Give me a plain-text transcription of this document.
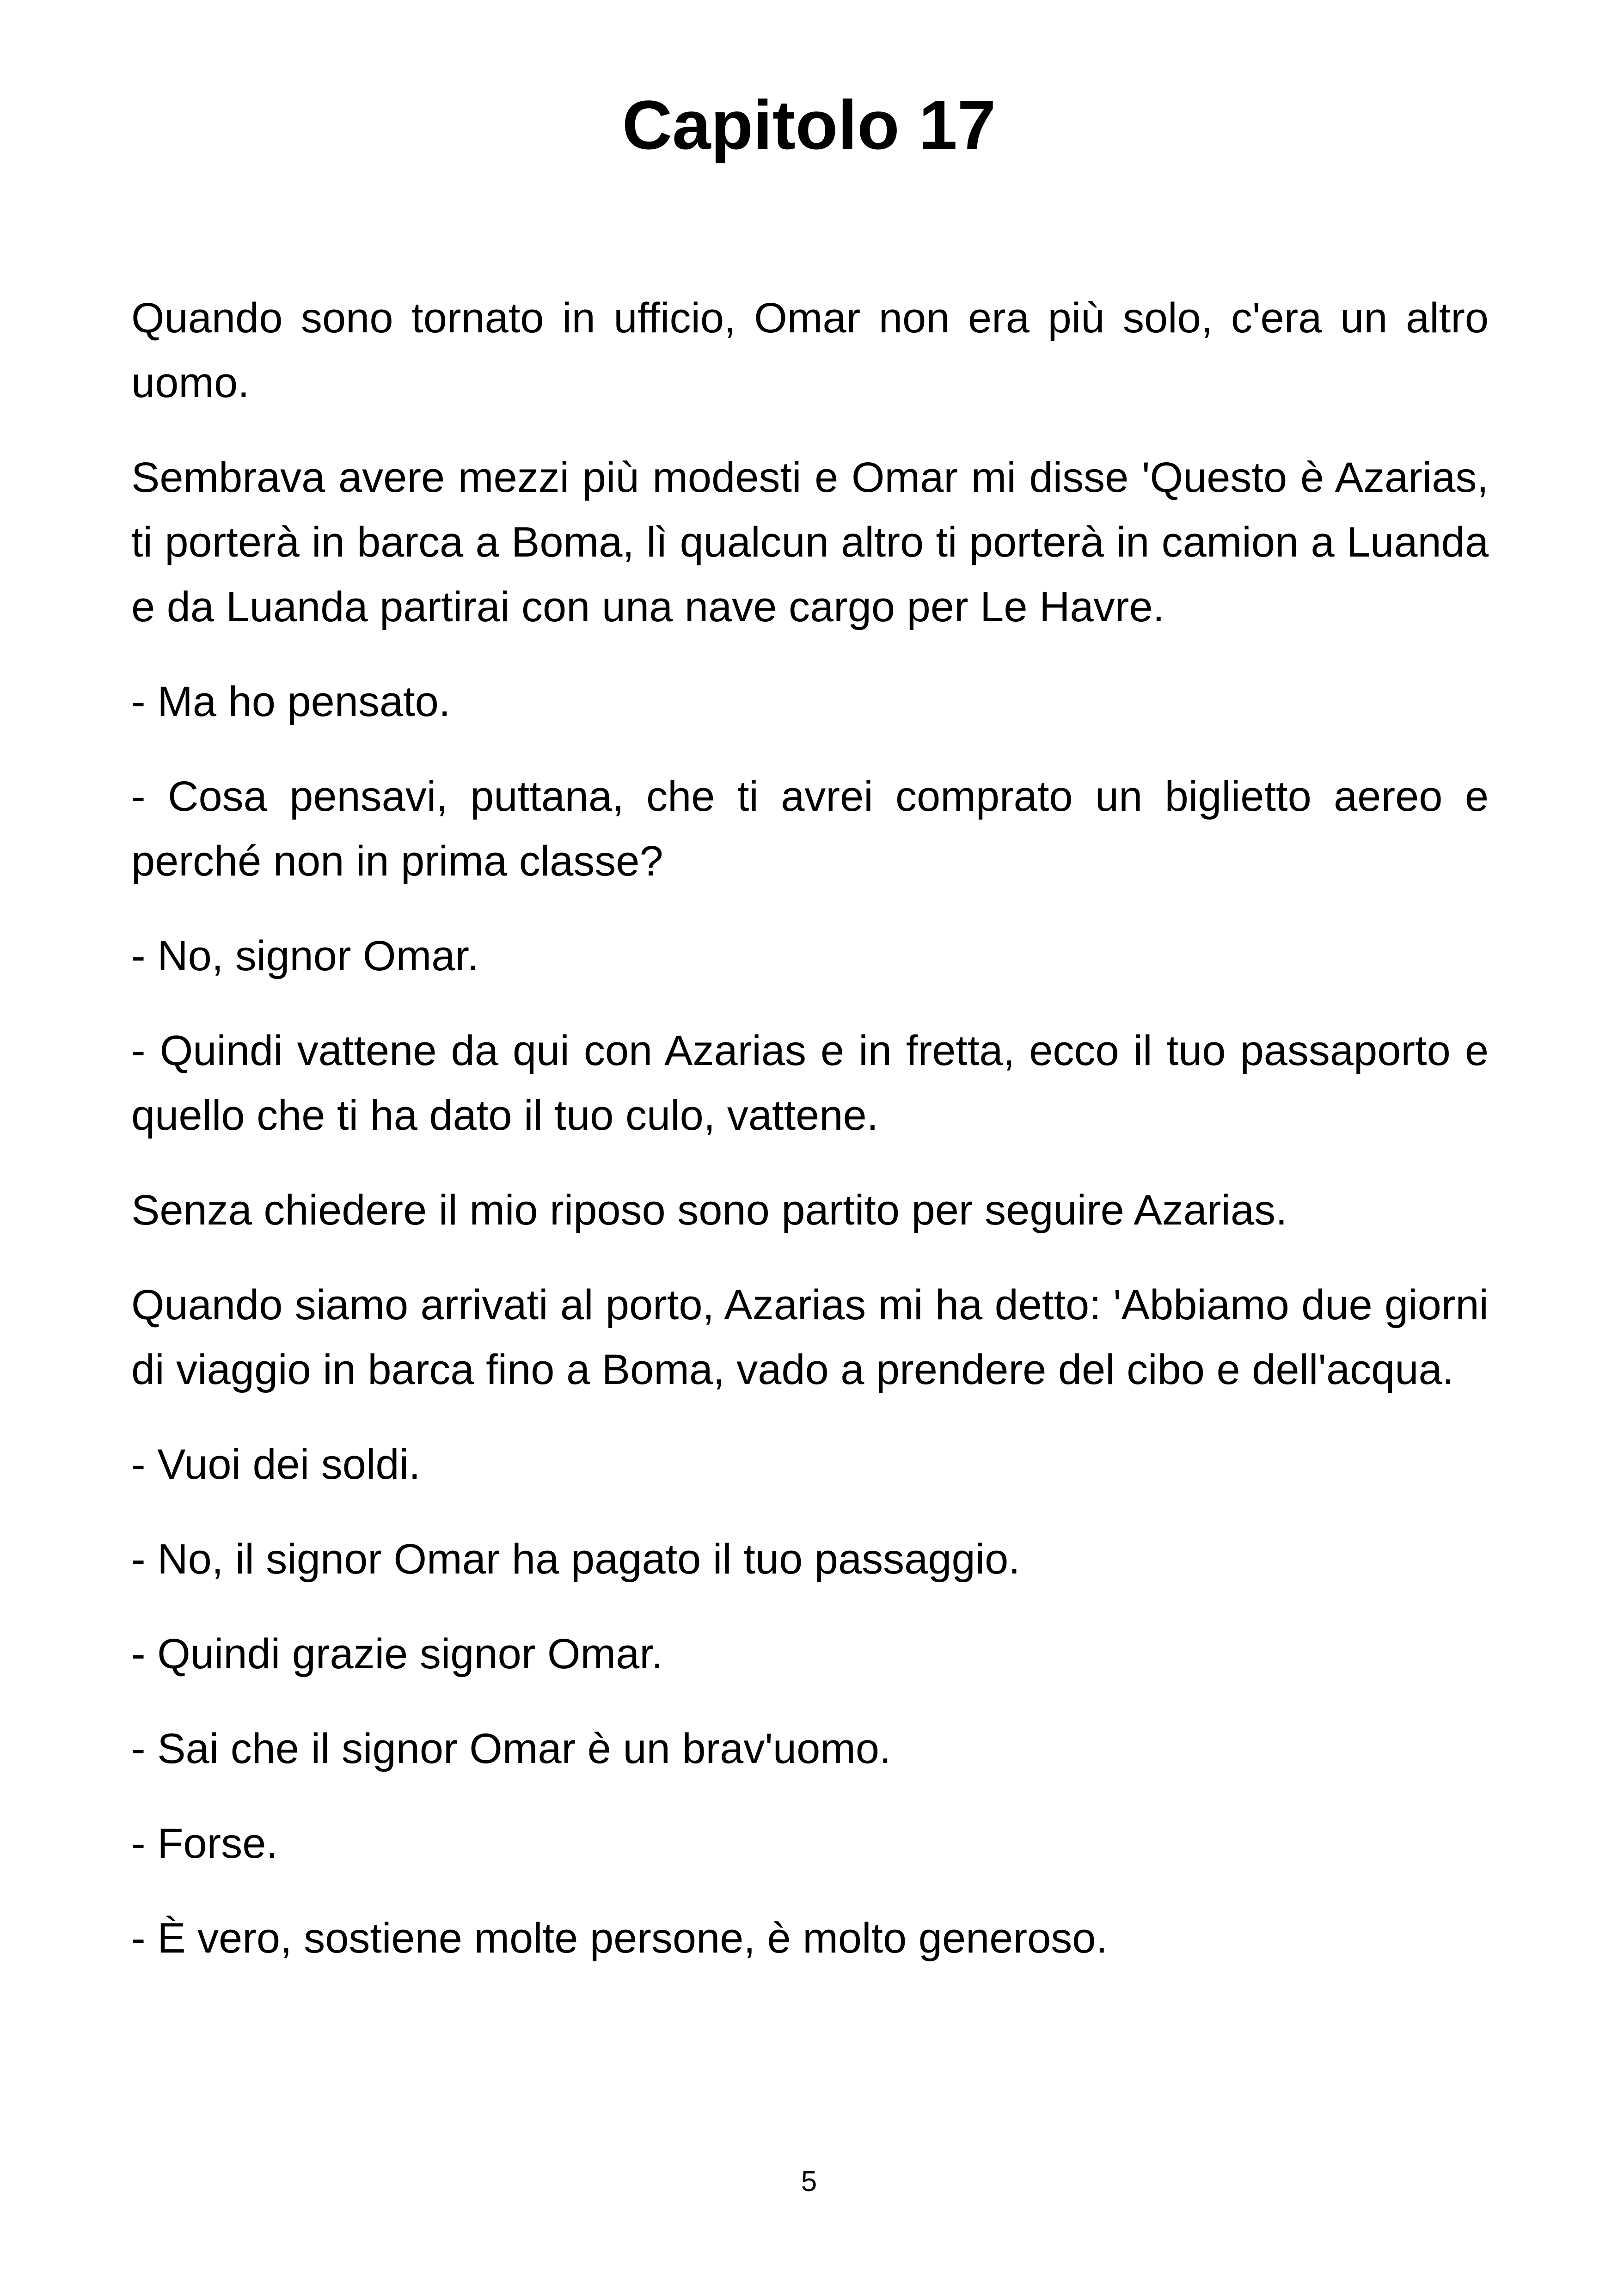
Capitolo 17

Quando sono tornato in ufficio, Omar non era più solo, c'era un altro uomo.

Sembrava avere mezzi più modesti e Omar mi disse 'Questo è Azarias, ti porterà in barca a Boma, lì qualcun altro ti porterà in camion a Luanda e da Luanda partirai con una nave cargo per Le Havre.

- Ma ho pensato.

- Cosa pensavi, puttana, che ti avrei comprato un biglietto aereo e perché non in prima classe?

- No, signor Omar.

- Quindi vattene da qui con Azarias e in fretta, ecco il tuo passaporto e quello che ti ha dato il tuo culo, vattene.

Senza chiedere il mio riposo sono partito per seguire Azarias.

Quando siamo arrivati al porto, Azarias mi ha detto: 'Abbiamo due giorni di viaggio in barca fino a Boma, vado a prendere del cibo e dell'acqua.

- Vuoi dei soldi.

- No, il signor Omar ha pagato il tuo passaggio.

- Quindi grazie signor Omar.

- Sai che il signor Omar è un brav'uomo.

- Forse.

- È vero, sostiene molte persone, è molto generoso.

5
